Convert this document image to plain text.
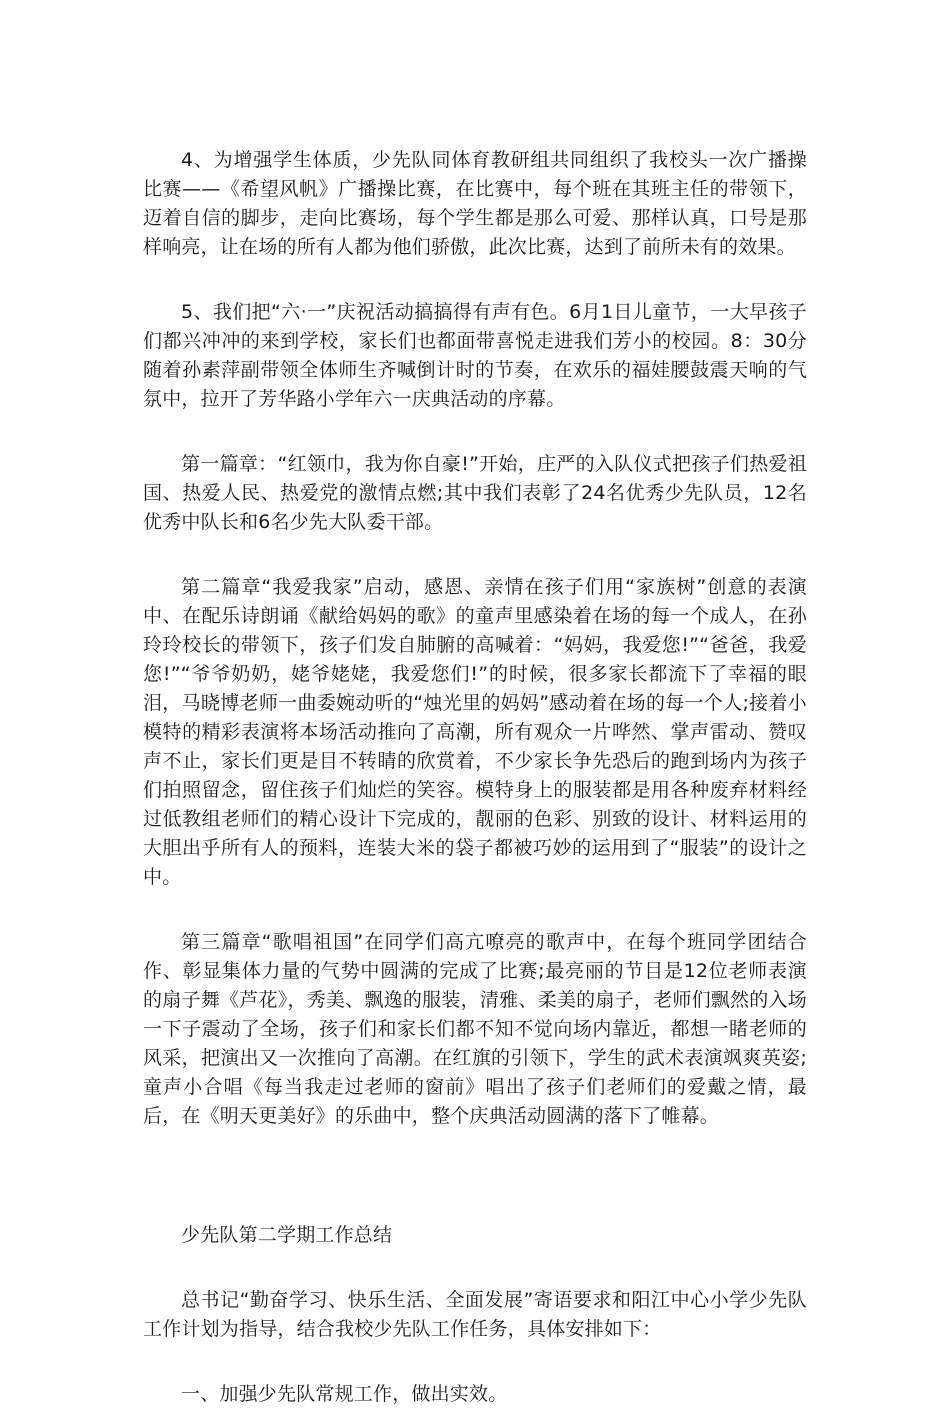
4、为增强学生体质，少先队同体育教研组共同组织了我校头一次广播操比赛——《希望风帆》广播操比赛，在比赛中，每个班在其班主任的带领下，迈着自信的脚步，走向比赛场，每个学生都是那么可爱、那样认真，口号是那样响亮，让在场的所有人都为他们骄傲，此次比赛，达到了前所未有的效果。

5、我们把“六·一”庆祝活动搞搞得有声有色。6月1日儿童节，一大早孩子们都兴冲冲的来到学校，家长们也都面带喜悦走进我们芳小的校园。8：30分随着孙素萍副带领全体师生齐喊倒计时的节奏，在欢乐的福娃腰鼓震天响的气氛中，拉开了芳华路小学年六一庆典活动的序幕。

第一篇章：“红领巾，我为你自豪!”开始，庄严的入队仪式把孩子们热爱祖国、热爱人民、热爱党的激情点燃;其中我们表彰了24名优秀少先队员，12名优秀中队长和6名少先大队委干部。

第二篇章“我爱我家”启动，感恩、亲情在孩子们用“家族树”创意的表演中、在配乐诗朗诵《献给妈妈的歌》的童声里感染着在场的每一个成人，在孙玲玲校长的带领下，孩子们发自肺腑的高喊着：“妈妈，我爱您!”“爸爸，我爱您!”“爷爷奶奶，姥爷姥姥，我爱您们!”的时候，很多家长都流下了幸福的眼泪，马晓博老师一曲委婉动听的“烛光里的妈妈”感动着在场的每一个人;接着小模特的精彩表演将本场活动推向了高潮，所有观众一片哗然、掌声雷动、赞叹声不止，家长们更是目不转睛的欣赏着，不少家长争先恐后的跑到场内为孩子们拍照留念，留住孩子们灿烂的笑容。模特身上的服装都是用各种废弃材料经过低教组老师们的精心设计下完成的，靓丽的色彩、别致的设计、材料运用的大胆出乎所有人的预料，连装大米的袋子都被巧妙的运用到了“服装”的设计之中。

第三篇章“歌唱祖国”在同学们高亢嘹亮的歌声中，在每个班同学团结合作、彰显集体力量的气势中圆满的完成了比赛;最亮丽的节目是12位老师表演的扇子舞《芦花》，秀美、飘逸的服装，清雅、柔美的扇子，老师们飘然的入场一下子震动了全场，孩子们和家长们都不知不觉向场内靠近，都想一睹老师的风采，把演出又一次推向了高潮。在红旗的引领下，学生的武术表演飒爽英姿;童声小合唱《每当我走过老师的窗前》唱出了孩子们老师们的爱戴之情，最后，在《明天更美好》的乐曲中，整个庆典活动圆满的落下了帷幕。

少先队第二学期工作总结

总书记“勤奋学习、快乐生活、全面发展”寄语要求和阳江中心小学少先队工作计划为指导，结合我校少先队工作任务，具体安排如下：

一、加强少先队常规工作，做出实效。
